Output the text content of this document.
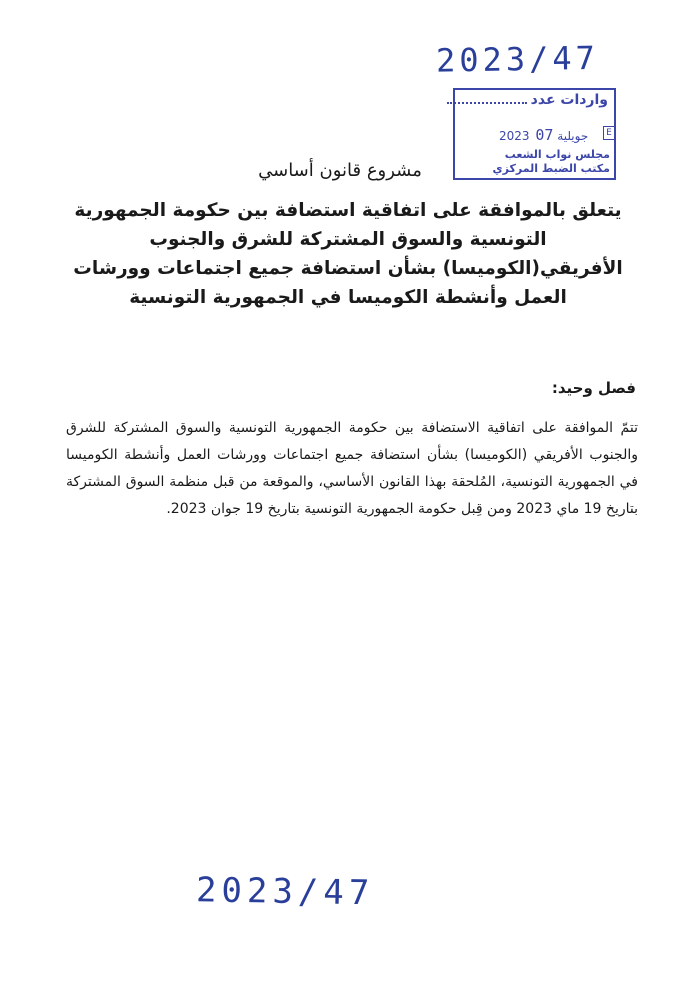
2023/47
واردات عدد
2023 جويلية 07	E
مجلس نواب الشعب
مكتب الضبط المركزي
مشروع قانون أساسي
يتعلق بالموافقة على اتفاقية استضافة بين حكومة الجمهورية التونسية والسوق المشتركة للشرق والجنوب الأفريقي(الكوميسا) بشأن استضافة جميع اجتماعات وورشات العمل وأنشطة الكوميسا في الجمهورية التونسية
فصل وحيد:
تتمّ الموافقة على اتفاقية الاستضافة بين حكومة الجمهورية التونسية والسوق المشتركة للشرق والجنوب الأفريقي (الكوميسا) بشأن استضافة جميع اجتماعات وورشات العمل وأنشطة الكوميسا في الجمهورية التونسية، المُلحقة بهذا القانون الأساسي، والموقعة من قبل منظمة السوق المشتركة بتاريخ 19 ماي 2023 ومن قِبل حكومة الجمهورية التونسية بتاريخ 19 جوان 2023.
2023/47
